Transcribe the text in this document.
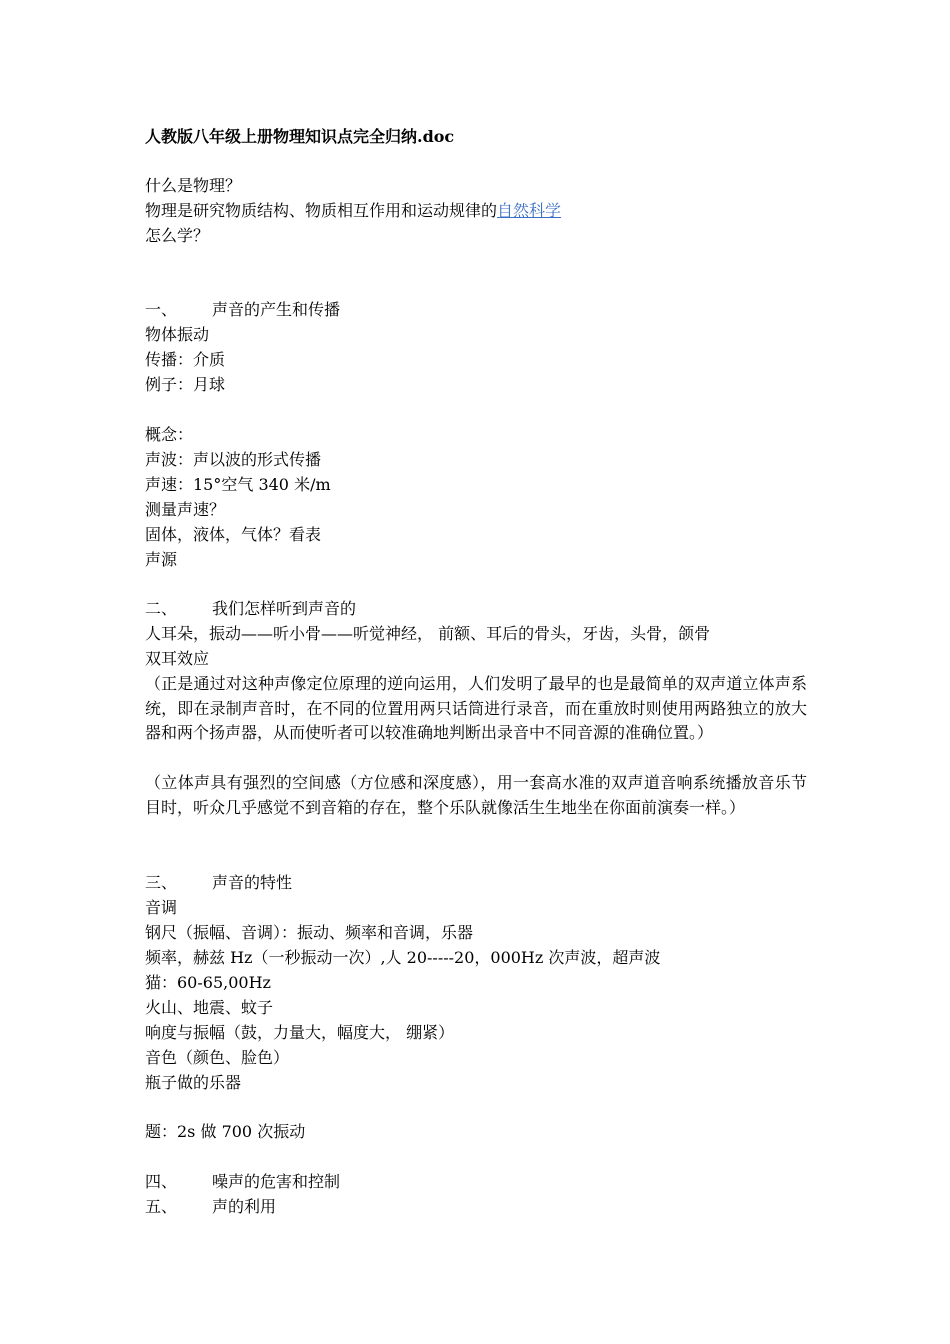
人教版八年级上册物理知识点完全归纳.doc
什么是物理？
物理是研究物质结构、物质相互作用和运动规律的自然科学
怎么学？
一、 声音的产生和传播
物体振动
传播：介质
例子：月球
概念：
声波：声以波的形式传播
声速：15°空气 340 米/m
测量声速？
固体，液体，气体？看表
声源
二、 我们怎样听到声音的
人耳朵，振动——听小骨——听觉神经， 前额、耳后的骨头，牙齿，头骨，颌骨
双耳效应
（正是通过对这种声像定位原理的逆向运用，人们发明了最早的也是最简单的双声道立体声系统，即在录制声音时，在不同的位置用两只话筒进行录音，而在重放时则使用两路独立的放大器和两个扬声器，从而使听者可以较准确地判断出录音中不同音源的准确位置。）
（立体声具有强烈的空间感（方位感和深度感），用一套高水准的双声道音响系统播放音乐节目时，听众几乎感觉不到音箱的存在，整个乐队就像活生生地坐在你面前演奏一样。）
三、 声音的特性
音调
钢尺（振幅、音调）：振动、频率和音调，乐器
频率，赫兹 Hz（一秒振动一次）,人 20-----20，000Hz 次声波，超声波
猫：60-65,00Hz
火山、地震、蚊子
响度与振幅（鼓，力量大，幅度大， 绷紧）
音色（颜色、脸色）
瓶子做的乐器
题：2s 做 700 次振动
四、 噪声的危害和控制
五、 声的利用
